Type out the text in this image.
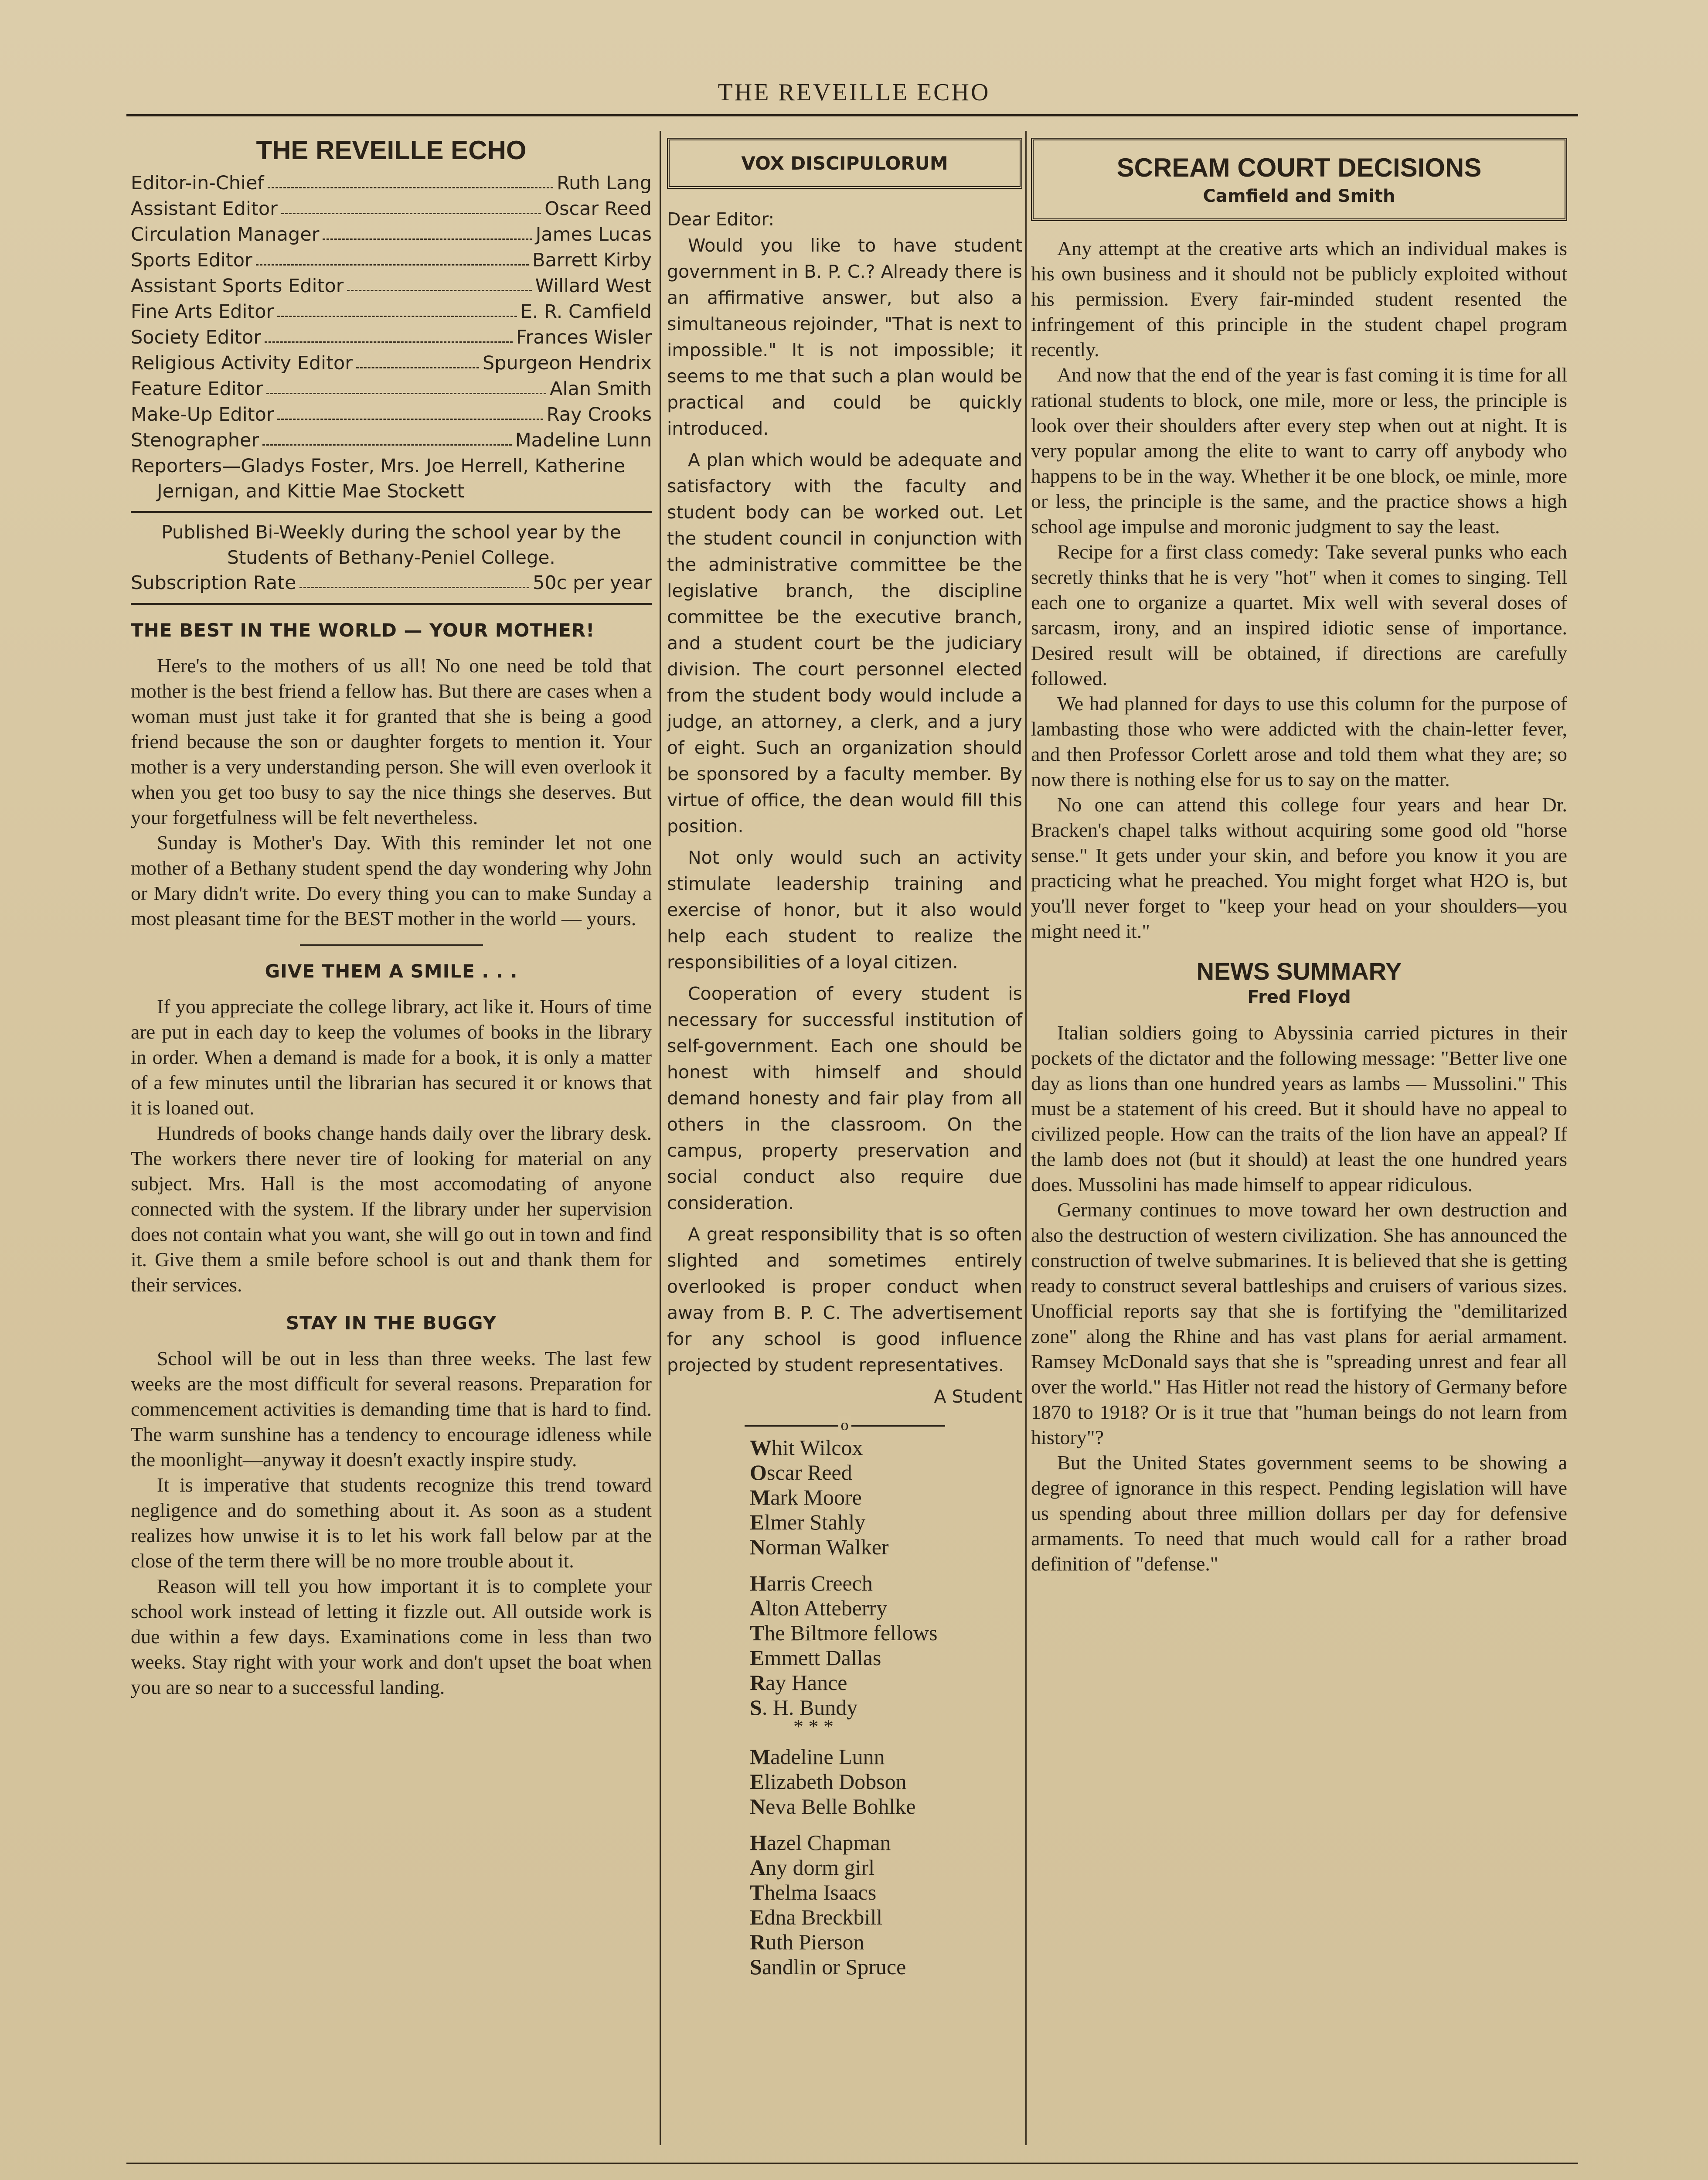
THE REVEILLE ECHO
THE REVEILLE ECHO
Editor-in-Chief	Ruth Lang
Assistant Editor	Oscar Reed
Circulation Manager	James Lucas
Sports Editor	Barrett Kirby
Assistant Sports Editor	Willard West
Fine Arts Editor	E. R. Camfield
Society Editor	Frances Wisler
Religious Activity Editor	Spurgeon Hendrix
Feature Editor	Alan Smith
Make-Up Editor	Ray Crooks
Stenographer	Madeline Lunn
Reporters—Gladys Foster, Mrs. Joe Herrell, Katherine Jernigan, and Kittie Mae Stockett
Published Bi-Weekly during the school year by the Students of Bethany-Peniel College.
Subscription Rate	50c per year
THE BEST IN THE WORLD — YOUR MOTHER!

Here's to the mothers of us all! No one need be told that mother is the best friend a fellow has. But there are cases when a woman must just take it for granted that she is being a good friend because the son or daughter forgets to mention it. Your mother is a very understanding person. She will even overlook it when you get too busy to say the nice things she deserves. But your forgetfulness will be felt nevertheless.

Sunday is Mother's Day. With this reminder let not one mother of a Bethany student spend the day wondering why John or Mary didn't write. Do every thing you can to make Sunday a most pleasant time for the BEST mother in the world — yours.

GIVE THEM A SMILE . . .

If you appreciate the college library, act like it. Hours of time are put in each day to keep the volumes of books in the library in order. When a demand is made for a book, it is only a matter of a few minutes until the librarian has secured it or knows that it is loaned out.

Hundreds of books change hands daily over the library desk. The workers there never tire of looking for material on any subject. Mrs. Hall is the most accomodating of anyone connected with the system. If the library under her supervision does not contain what you want, she will go out in town and find it. Give them a smile before school is out and thank them for their services.

STAY IN THE BUGGY

School will be out in less than three weeks. The last few weeks are the most difficult for several reasons. Preparation for commencement activities is demanding time that is hard to find. The warm sunshine has a tendency to encourage idleness while the moonlight—anyway it doesn't exactly inspire study.

It is imperative that students recognize this trend toward negligence and do something about it. As soon as a student realizes how unwise it is to let his work fall below par at the close of the term there will be no more trouble about it.

Reason will tell you how important it is to complete your school work instead of letting it fizzle out. All outside work is due within a few days. Examinations come in less than two weeks. Stay right with your work and don't upset the boat when you are so near to a successful landing.

VOX DISCIPULORUM

Dear Editor:

Would you like to have student government in B. P. C.? Already there is an affirmative answer, but also a simultaneous rejoinder, "That is next to impossible." It is not impossible; it seems to me that such a plan would be practical and could be quickly introduced.

A plan which would be adequate and satisfactory with the faculty and student body can be worked out. Let the student council in conjunction with the administrative committee be the legislative branch, the discipline committee be the executive branch, and a student court be the judiciary division. The court personnel elected from the student body would include a judge, an attorney, a clerk, and a jury of eight. Such an organization should be sponsored by a faculty member. By virtue of office, the dean would fill this position.

Not only would such an activity stimulate leadership training and exercise of honor, but it also would help each student to realize the responsibilities of a loyal citizen.

Cooperation of every student is necessary for successful institution of self-government. Each one should be honest with himself and should demand honesty and fair play from all others in the classroom. On the campus, property preservation and social conduct also require due consideration.

A great responsibility that is so often slighted and sometimes entirely overlooked is proper conduct when away from B. P. C. The advertisement for any school is good influence projected by student representatives.

A Student

o
Whit Wilcox
Oscar Reed
Mark Moore
Elmer Stahly
Norman Walker
Harris Creech
Alton Atteberry
The Biltmore fellows
Emmett Dallas
Ray Hance
S. H. Bundy
* * *
Madeline Lunn
Elizabeth Dobson
Neva Belle Bohlke
Hazel Chapman
Any dorm girl
Thelma Isaacs
Edna Breckbill
Ruth Pierson
Sandlin or Spruce
SCREAM COURT DECISIONS
Camfield and Smith

Any attempt at the creative arts which an individual makes is his own business and it should not be publicly exploited without his permission. Every fair-minded student resented the infringement of this principle in the student chapel program recently.

And now that the end of the year is fast coming it is time for all rational students to block, one mile, more or less, the principle is look over their shoulders after every step when out at night. It is very popular among the elite to want to carry off anybody who happens to be in the way. Whether it be one block, oe minle, more or less, the principle is the same, and the practice shows a high school age impulse and moronic judgment to say the least.

Recipe for a first class comedy: Take several punks who each secretly thinks that he is very "hot" when it comes to singing. Tell each one to organize a quartet. Mix well with several doses of sarcasm, irony, and an inspired idiotic sense of importance. Desired result will be obtained, if directions are carefully followed.

We had planned for days to use this column for the purpose of lambasting those who were addicted with the chain-letter fever, and then Professor Corlett arose and told them what they are; so now there is nothing else for us to say on the matter.

No one can attend this college four years and hear Dr. Bracken's chapel talks without acquiring some good old "horse sense." It gets under your skin, and before you know it you are practicing what he preached. You might forget what H2O is, but you'll never forget to "keep your head on your shoulders—you might need it."

NEWS SUMMARY
Fred Floyd

Italian soldiers going to Abyssinia carried pictures in their pockets of the dictator and the following message: "Better live one day as lions than one hundred years as lambs — Mussolini." This must be a statement of his creed. But it should have no appeal to civilized people. How can the traits of the lion have an appeal? If the lamb does not (but it should) at least the one hundred years does. Mussolini has made himself to appear ridiculous.

Germany continues to move toward her own destruction and also the destruction of western civilization. She has announced the construction of twelve submarines. It is believed that she is getting ready to construct several battleships and cruisers of various sizes. Unofficial reports say that she is fortifying the "demilitarized zone" along the Rhine and has vast plans for aerial armament. Ramsey McDonald says that she is "spreading unrest and fear all over the world." Has Hitler not read the history of Germany before 1870 to 1918? Or is it true that "human beings do not learn from history"?

But the United States government seems to be showing a degree of ignorance in this respect. Pending legislation will have us spending about three million dollars per day for defensive armaments. To need that much would call for a rather broad definition of "defense."
